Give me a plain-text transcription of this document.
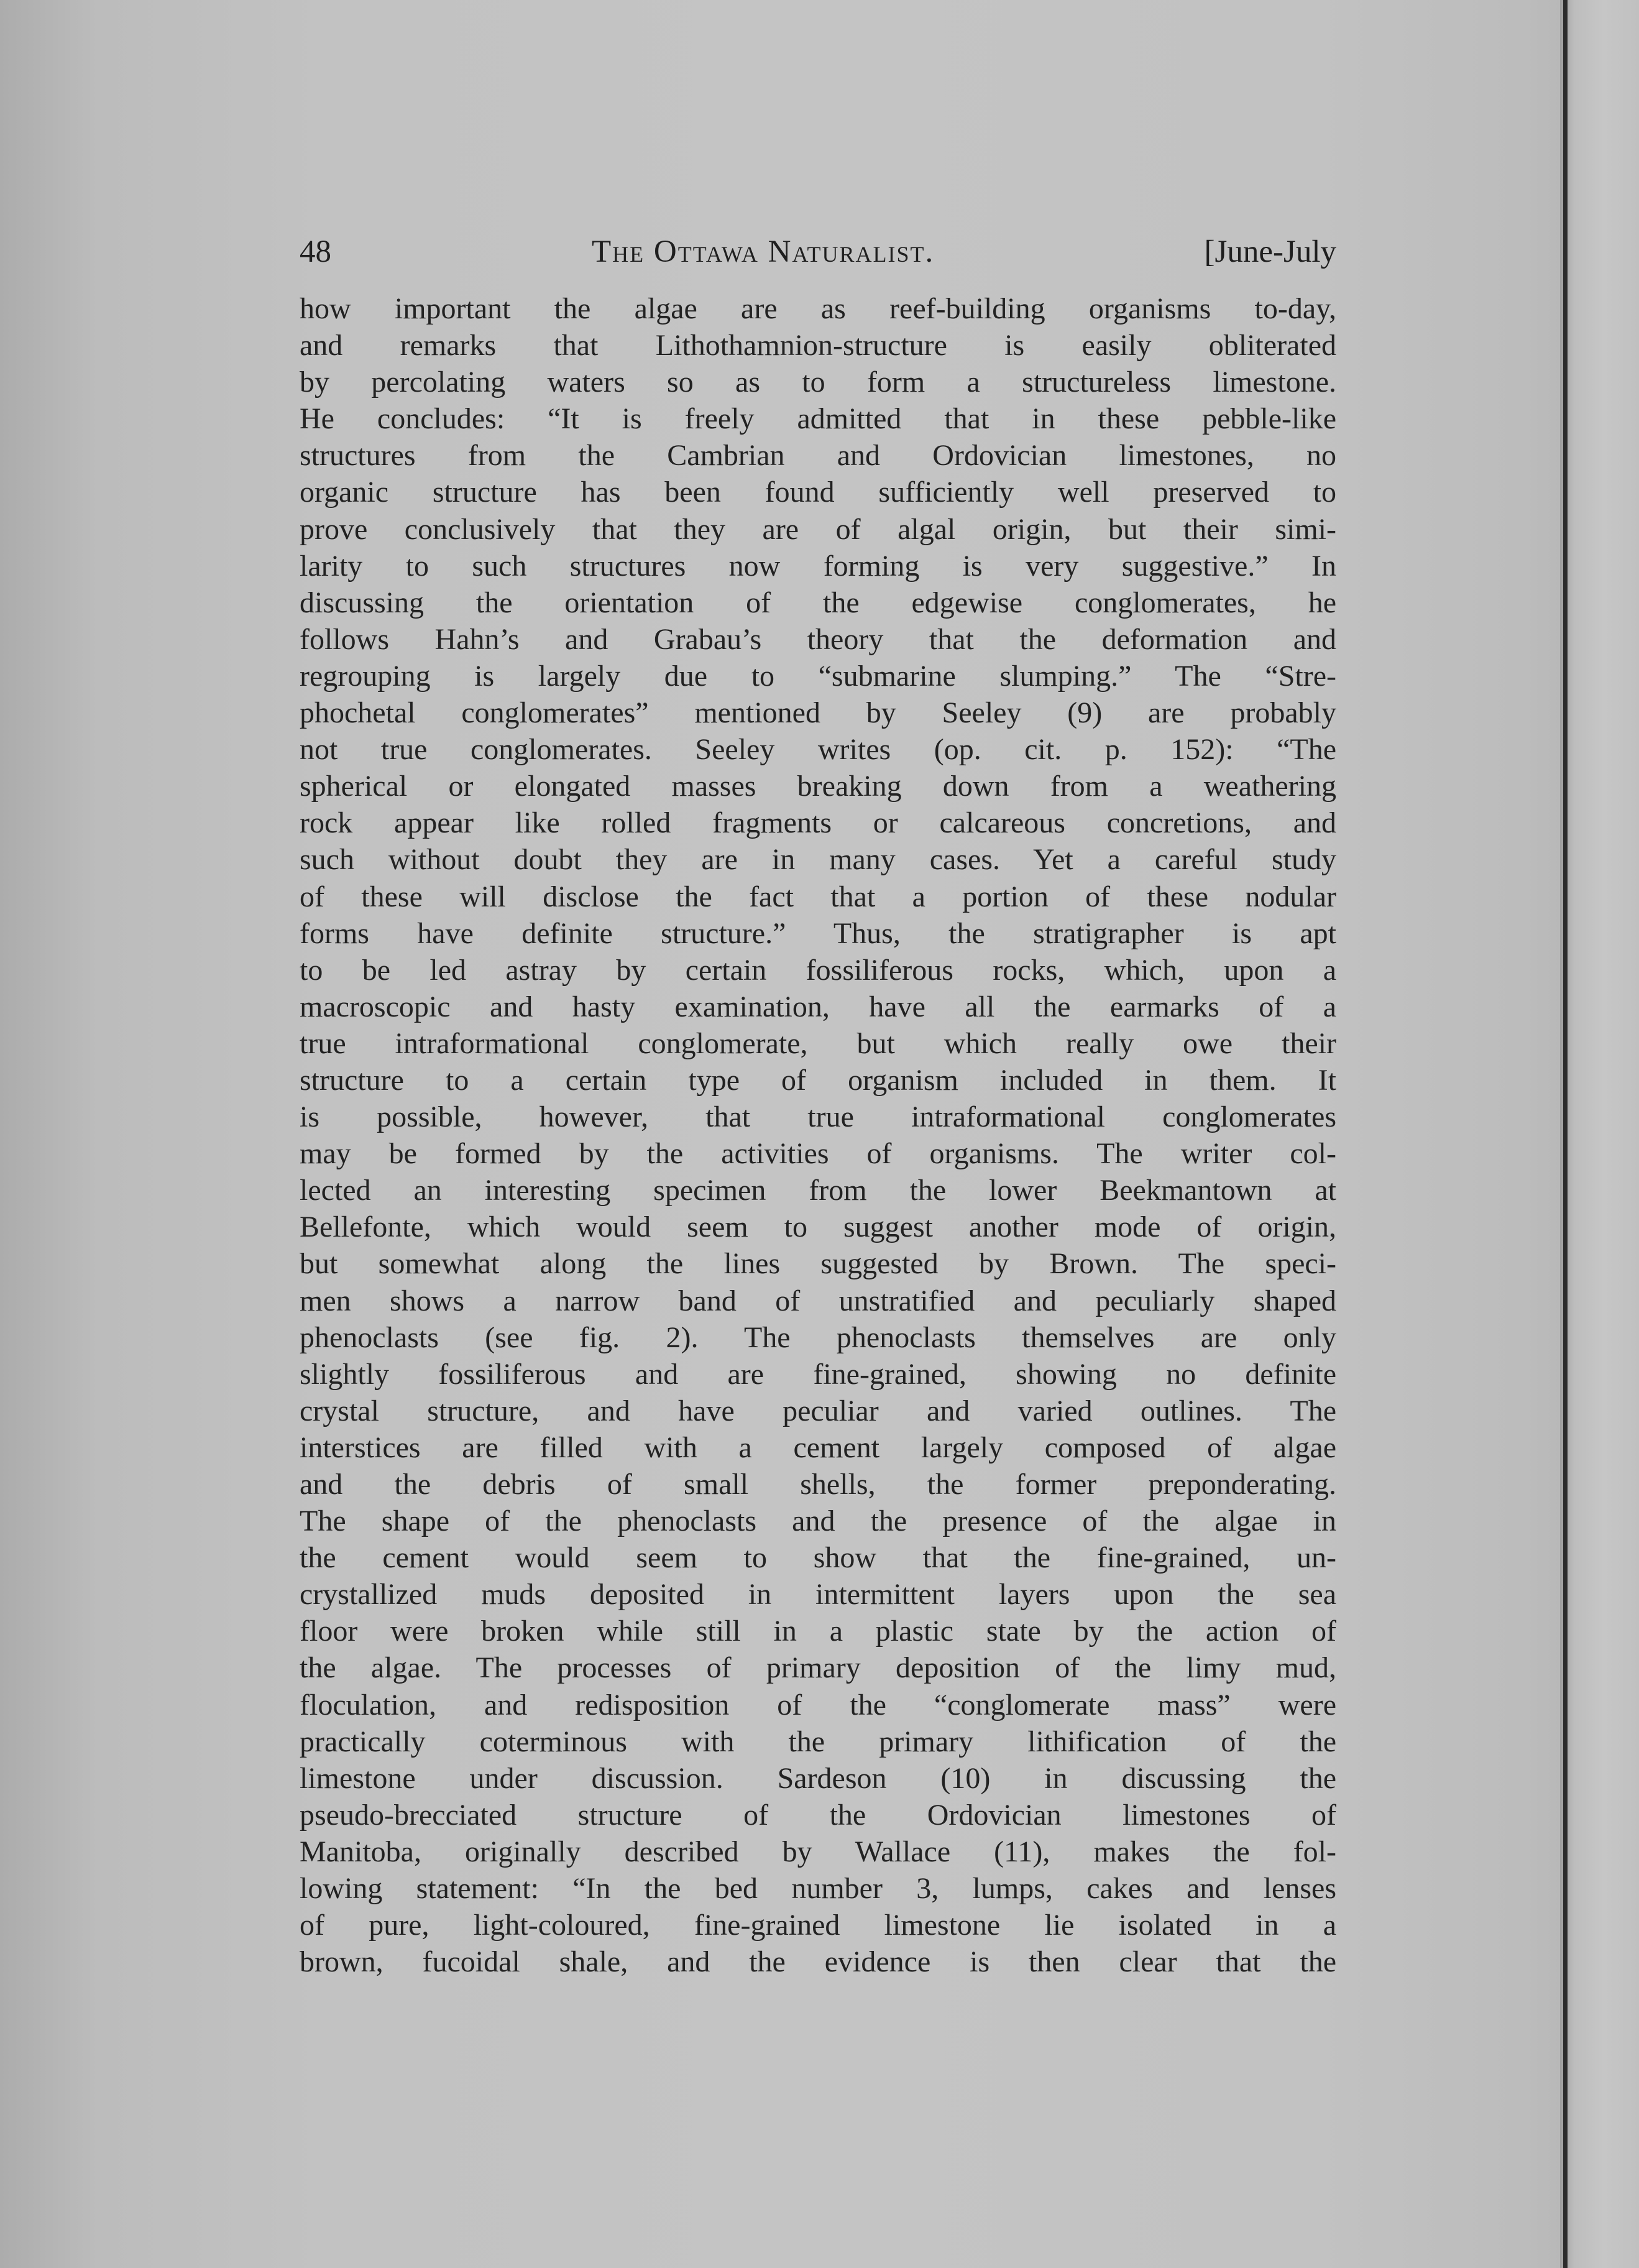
48	The Ottawa Naturalist.	[June-July
how important the algae are as reef-building organisms to-day,
and remarks that Lithothamnion-structure is easily obliterated
by percolating waters so as to form a structureless limestone.
He concludes: “It is freely admitted that in these pebble-like
structures from the Cambrian and Ordovician limestones, no
organic structure has been found sufficiently well preserved to
prove conclusively that they are of algal origin, but their simi-
larity to such structures now forming is very suggestive.” In
discussing the orientation of the edgewise conglomerates, he
follows Hahn’s and Grabau’s theory that the deformation and
regrouping is largely due to “submarine slumping.” The “Stre-
phochetal conglomerates” mentioned by Seeley (9) are probably
not true conglomerates. Seeley writes (op. cit. p. 152): “The
spherical or elongated masses breaking down from a weathering
rock appear like rolled fragments or calcareous concretions, and
such without doubt they are in many cases. Yet a careful study
of these will disclose the fact that a portion of these nodular
forms have definite structure.” Thus, the stratigrapher is apt
to be led astray by certain fossiliferous rocks, which, upon a
macroscopic and hasty examination, have all the earmarks of a
true intraformational conglomerate, but which really owe their
structure to a certain type of organism included in them. It
is possible, however, that true intraformational conglomerates
may be formed by the activities of organisms. The writer col-
lected an interesting specimen from the lower Beekmantown at
Bellefonte, which would seem to suggest another mode of origin,
but somewhat along the lines suggested by Brown. The speci-
men shows a narrow band of unstratified and peculiarly shaped
phenoclasts (see fig. 2). The phenoclasts themselves are only
slightly fossiliferous and are fine-grained, showing no definite
crystal structure, and have peculiar and varied outlines. The
interstices are filled with a cement largely composed of algae
and the debris of small shells, the former preponderating.
The shape of the phenoclasts and the presence of the algae in
the cement would seem to show that the fine-grained, un-
crystallized muds deposited in intermittent layers upon the sea
floor were broken while still in a plastic state by the action of
the algae. The processes of primary deposition of the limy mud,
floculation, and redisposition of the “conglomerate mass” were
practically coterminous with the primary lithification of the
limestone under discussion. Sardeson (10) in discussing the
pseudo-brecciated structure of the Ordovician limestones of
Manitoba, originally described by Wallace (11), makes the fol-
lowing statement: “In the bed number 3, lumps, cakes and lenses
of pure, light-coloured, fine-grained limestone lie isolated in a
brown, fucoidal shale, and the evidence is then clear that the
